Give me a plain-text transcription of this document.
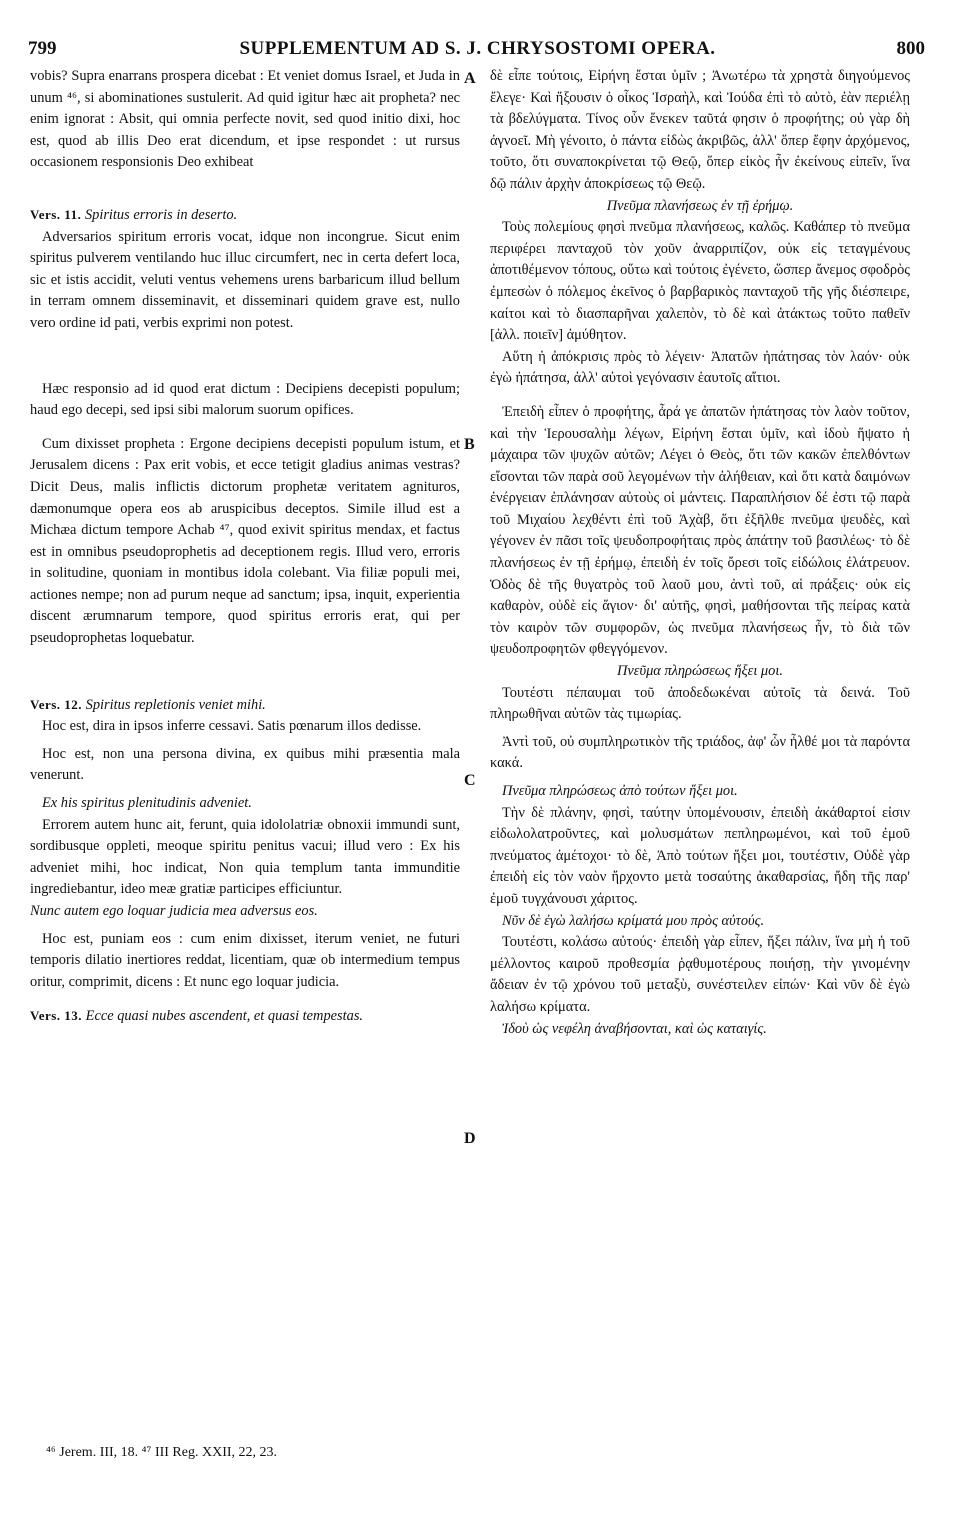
799	SUPPLEMENTUM AD S. J. CHRYSOSTOMI OPERA.	800
A
B
C
D

vobis? Supra enarrans prospera dicebat : Et veniet domus Israel, et Juda in unum ⁴⁶, si abominationes sustulerit. Ad quid igitur hæc ait propheta? nec enim ignorat : Absit, qui omnia perfecte novit, sed quod initio dixi, hoc est, quod ab illis Deo erat dicendum, et ipse respondet : ut rursus occasionem responsionis Deo exhibeat

Vers. 11. Spiritus erroris in deserto.

Adversarios spiritum erroris vocat, idque non incongrue. Sicut enim spiritus pulverem ventilando huc illuc circumfert, nec in certa defert loca, sic et istis accidit, veluti ventus vehemens urens barbaricum illud bellum in terram omnem disseminavit, et disseminari quidem grave est, nullo vero ordine id pati, verbis exprimi non potest.

Hæc responsio ad id quod erat dictum : Decipiens decepisti populum; haud ego decepi, sed ipsi sibi malorum suorum opifices.

Cum dixisset propheta : Ergone decipiens decepisti populum istum, et Jerusalem dicens : Pax erit vobis, et ecce tetigit gladius animas vestras? Dicit Deus, malis inflictis dictorum prophetæ veritatem agnituros, dæmonumque opera eos ab aruspicibus deceptos. Simile illud est a Michæa dictum tempore Achab ⁴⁷, quod exivit spiritus mendax, et factus est in omnibus pseudoprophetis ad deceptionem regis. Illud vero, erroris in solitudine, quoniam in montibus idola colebant. Via filiæ populi mei, actiones nempe; non ad purum neque ad sanctum; ipsa, inquit, experientia discent ærumnarum tempore, quod spiritus erroris erat, qui per pseudoprophetas loquebatur.

Vers. 12. Spiritus repletionis veniet mihi.

Hoc est, dira in ipsos inferre cessavi. Satis pœnarum illos dedisse.

Hoc est, non una persona divina, ex quibus mihi præsentia mala venerunt.

Ex his spiritus plenitudinis adveniet.

Errorem autem hunc ait, ferunt, quia idololatriæ obnoxii immundi sunt, sordibusque oppleti, meoque spiritu penitus vacui; illud vero : Ex his adveniet mihi, hoc indicat, Non quia templum tanta immunditie ingrediebantur, ideo meæ gratiæ participes efficiuntur.

Nunc autem ego loquar judicia mea adversus eos.

Hoc est, puniam eos : cum enim dixisset, iterum veniet, ne futuri temporis dilatio inertiores reddat, licentiam, quæ ob intermedium tempus oritur, comprimit, dicens : Et nunc ego loquar judicia.

Vers. 13. Ecce quasi nubes ascendent, et quasi tempestas.

δὲ εἶπε τούτοις, Εἰρήνη ἔσται ὑμῖν ; Ἀνωτέρω τὰ χρηστὰ διηγούμενος ἔλεγε· Καὶ ἥξουσιν ὁ οἶκος Ἰσραὴλ, καὶ Ἰούδα ἐπὶ τὸ αὐτὸ, ἐὰν περιέλῃ τὰ βδελύγματα. Τίνος οὖν ἕνεκεν ταῦτά φησιν ὁ προφήτης; οὐ γὰρ δὴ ἀγνοεῖ. Μὴ γένοιτο, ὁ πάντα εἰδὼς ἀκριβῶς, ἀλλ' ὅπερ ἔφην ἀρχόμενος, τοῦτο, ὅτι συναποκρίνεται τῷ Θεῷ, ὅπερ εἰκὸς ἦν ἐκείνους εἰπεῖν, ἵνα δῷ πάλιν ἀρχὴν ἀποκρίσεως τῷ Θεῷ.

Πνεῦμα πλανήσεως ἐν τῇ ἐρήμῳ.

Τοὺς πολεμίους φησὶ πνεῦμα πλανήσεως, καλῶς. Καθάπερ τὸ πνεῦμα περιφέρει πανταχοῦ τὸν χοῦν ἀναρριπίζον, οὐκ εἰς τεταγμένους ἀποτιθέμενον τόπους, οὕτω καὶ τούτοις ἐγένετο, ὥσπερ ἄνεμος σφοδρὸς ἐμπεσὼν ὁ πόλεμος ἐκεῖνος ὁ βαρβαρικὸς πανταχοῦ τῆς γῆς διέσπειρε, καίτοι καὶ τὸ διασπαρῆναι χαλεπὸν, τὸ δὲ καὶ ἀτάκτως τοῦτο παθεῖν [ἀλλ. ποιεῖν] ἀμύθητον.

Αὕτη ἡ ἀπόκρισις πρὸς τὸ λέγειν· Ἀπατῶν ἠπάτησας τὸν λαόν· οὐκ ἐγὼ ἠπάτησα, ἀλλ' αὐτοὶ γεγόνασιν ἑαυτοῖς αἴτιοι.

Ἐπειδὴ εἶπεν ὁ προφήτης, ἆρά γε ἀπατῶν ἠπάτησας τὸν λαὸν τοῦτον, καὶ τὴν Ἱερουσαλὴμ λέγων, Εἰρήνη ἔσται ὑμῖν, καὶ ἰδοὺ ἥψατο ἡ μάχαιρα τῶν ψυχῶν αὐτῶν; Λέγει ὁ Θεὸς, ὅτι τῶν κακῶν ἐπελθόντων εἴσονται τῶν παρὰ σοῦ λεγομένων τὴν ἀλήθειαν, καὶ ὅτι κατὰ δαιμόνων ἐνέργειαν ἐπλάνησαν αὐτοὺς οἱ μάντεις. Παραπλήσιον δέ ἐστι τῷ παρὰ τοῦ Μιχαίου λεχθέντι ἐπὶ τοῦ Ἀχὰβ, ὅτι ἐξῆλθε πνεῦμα ψευδὲς, καὶ γέγονεν ἐν πᾶσι τοῖς ψευδοπροφήταις πρὸς ἀπάτην τοῦ βασιλέως· τὸ δὲ πλανήσεως ἐν τῇ ἐρήμῳ, ἐπειδὴ ἐν τοῖς ὄρεσι τοῖς εἰδώλοις ἐλάτρευον. Ὁδὸς δὲ τῆς θυγατρὸς τοῦ λαοῦ μου, ἀντὶ τοῦ, αἱ πράξεις· οὐκ εἰς καθαρὸν, οὐδὲ εἰς ἅγιον· δι' αὐτῆς, φησὶ, μαθήσονται τῆς πείρας κατὰ τὸν καιρὸν τῶν συμφορῶν, ὡς πνεῦμα πλανήσεως ἦν, τὸ διὰ τῶν ψευδοπροφητῶν φθεγγόμενον.

Πνεῦμα πληρώσεως ἥξει μοι.

Τουτέστι πέπαυμαι τοῦ ἀποδεδωκέναι αὐτοῖς τὰ δεινά. Τοῦ πληρωθῆναι αὐτῶν τὰς τιμωρίας.

Ἀντὶ τοῦ, οὐ συμπληρωτικὸν τῆς τριάδος, ἀφ' ὧν ἦλθέ μοι τὰ παρόντα κακά.

Πνεῦμα πληρώσεως ἀπὸ τούτων ἥξει μοι.

Τὴν δὲ πλάνην, φησὶ, ταύτην ὑπομένουσιν, ἐπειδὴ ἀκάθαρτοί εἰσιν εἰδωλολατροῦντες, καὶ μολυσμάτων πεπληρωμένοι, καὶ τοῦ ἐμοῦ πνεύματος ἀμέτοχοι· τὸ δὲ, Ἀπὸ τούτων ἥξει μοι, τουτέστιν, Οὐδὲ γὰρ ἐπειδὴ εἰς τὸν ναὸν ἤρχοντο μετὰ τοσαύτης ἀκαθαρσίας, ἤδη τῆς παρ' ἐμοῦ τυγχάνουσι χάριτος.

Νῦν δὲ ἐγὼ λαλήσω κρίματά μου πρὸς αὐτούς.

Τουτέστι, κολάσω αὐτούς· ἐπειδὴ γὰρ εἶπεν, ἥξει πάλιν, ἵνα μὴ ἡ τοῦ μέλλοντος καιροῦ προθεσμία ῥᾳθυμοτέρους ποιήσῃ, τὴν γινομένην ἄδειαν ἐν τῷ χρόνου τοῦ μεταξὺ, συνέστειλεν εἰπών· Καὶ νῦν δὲ ἐγὼ λαλήσω κρίματα.

Ἰδοὺ ὡς νεφέλη ἀναβήσονται, καὶ ὡς καταιγίς.

⁴⁶ Jerem. III, 18. ⁴⁷ III Reg. XXII, 22, 23.
